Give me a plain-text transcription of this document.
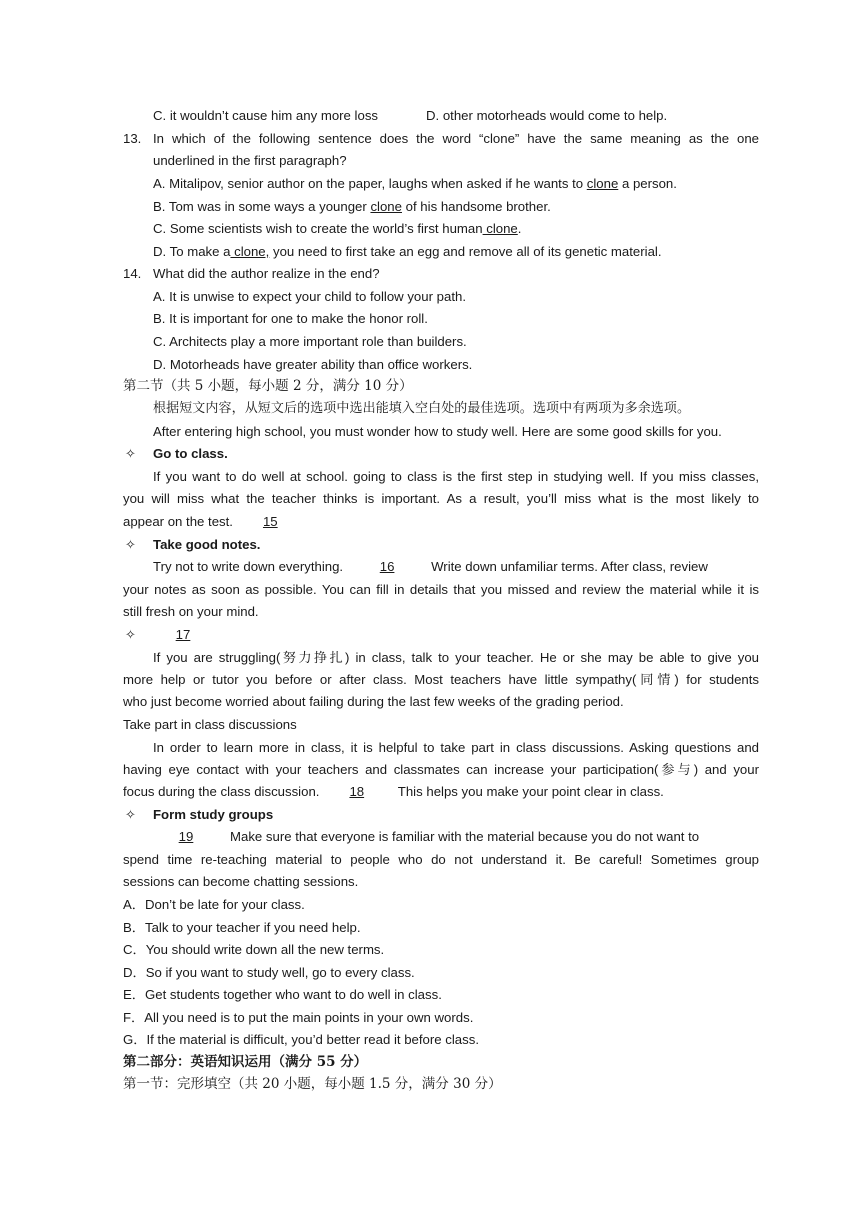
C. it wouldn’t cause him any more loss	D. other motorheads would come to help.
13. In which of the following sentence does the word “clone” have the same meaning as the one
underlined in the first paragraph?
A. Mitalipov, senior author on the paper, laughs when asked if he wants to clone a person.
B. Tom was in some ways a younger clone of his handsome brother.
C. Some scientists wish to create the world’s first human clone.
D. To make a clone, you need to first take an egg and remove all of its genetic material.
14. What did the author realize in the end?
A. It is unwise to expect your child to follow your path.
B. It is important for one to make the honor roll.
C. Architects play a more important role than builders.
D. Motorheads have greater ability than office workers.
第二节（共 5 小题，每小题 2 分，满分 10 分）
根据短文内容，从短文后的选项中选出能填入空白处的最佳选项。选项中有两项为多余选项。
After entering high school, you must wonder how to study well. Here are some good skills for you.
✧ Go to class.
If you want to do well at school. going to class is the first step in studying well. If you miss classes,
you will miss what the teacher thinks is important. As a result, you’ll miss what is the most likely to
appear on the test. 15
✧ Take good notes.
Try not to write down everything.	16	Write down unfamiliar terms. After class, review
your notes as soon as possible. You can fill in details that you missed and review the material while it is
still fresh on your mind.
✧	17
If you are struggling(努力挣扎) in class, talk to your teacher. He or she may be able to give you
more help or tutor you before or after class. Most teachers have little sympathy(同情) for students
who just become worried about failing during the last few weeks of the grading period.
Take part in class discussions
In order to learn more in class, it is helpful to take part in class discussions. Asking questions and
having eye contact with your teachers and classmates can increase your participation(参与) and your
focus during the class discussion. 18	This helps you make your point clear in class.
✧ Form study groups
19	Make sure that everyone is familiar with the material because you do not want to
spend time re-teaching material to people who do not understand it. Be careful! Sometimes group
sessions can become chatting sessions.
A．Don’t be late for your class.
B．Talk to your teacher if you need help.
C．You should write down all the new terms.
D．So if you want to study well, go to every class.
E．Get students together who want to do well in class.
F．All you need is to put the main points in your own words.
G．If the material is difficult, you’d better read it before class.
第二部分：英语知识运用（满分 55 分）
第一节：完形填空（共 20 小题，每小题 1.5 分，满分 30 分）
